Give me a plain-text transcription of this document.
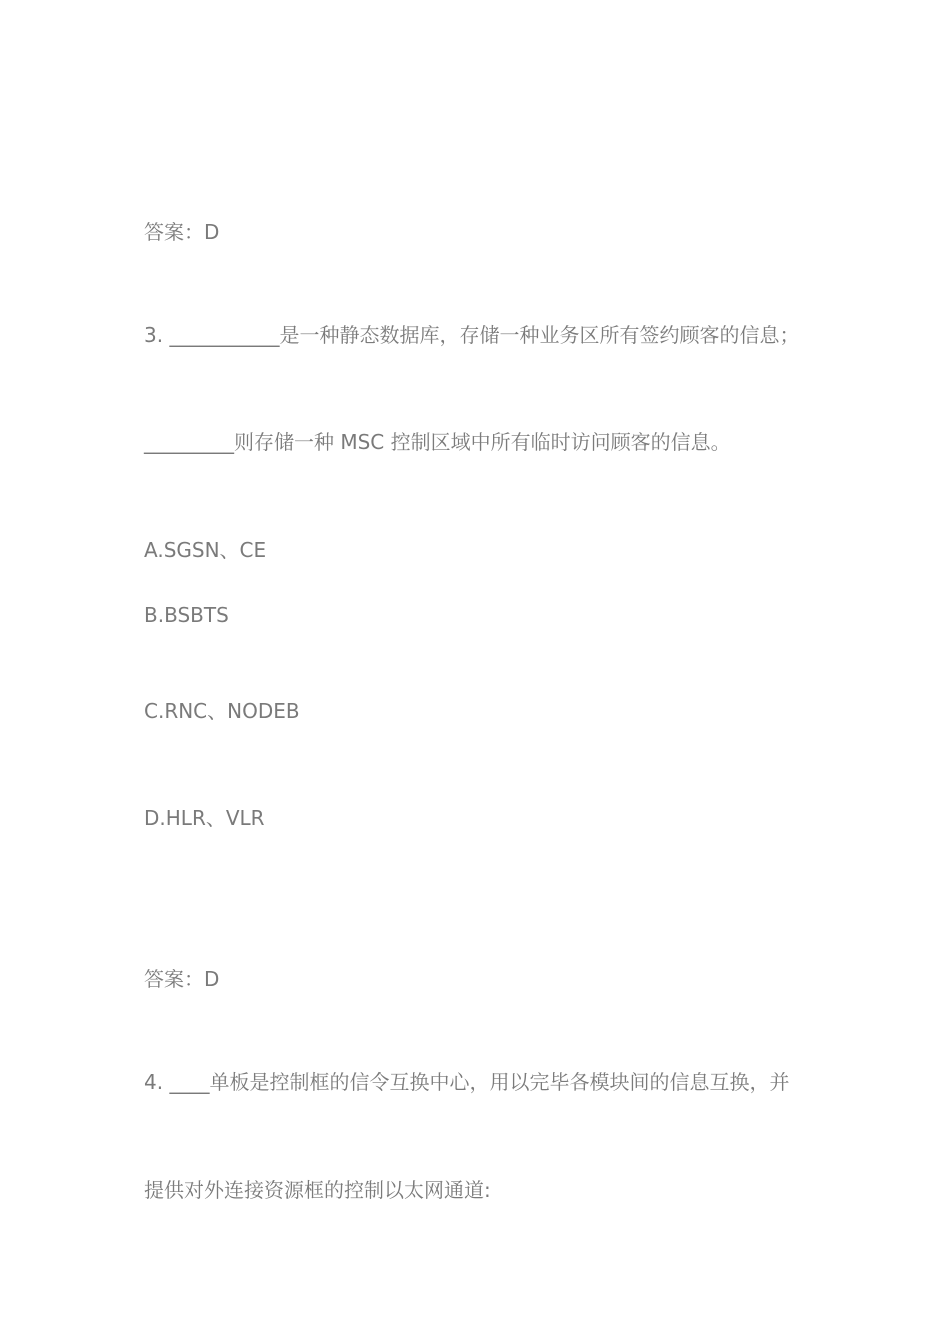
答案：D

3. ___________是一种静态数据库，存储一种业务区所有签约顾客的信息；

_________则存储一种 MSC 控制区域中所有临时访问顾客的信息。

A.SGSN、CE

B.BSBTS

C.RNC、NODEB

D.HLR、VLR

答案：D

4. ____单板是控制框的信令互换中心，用以完毕各模块间的信息互换，并

提供对外连接资源框的控制以太网通道:
